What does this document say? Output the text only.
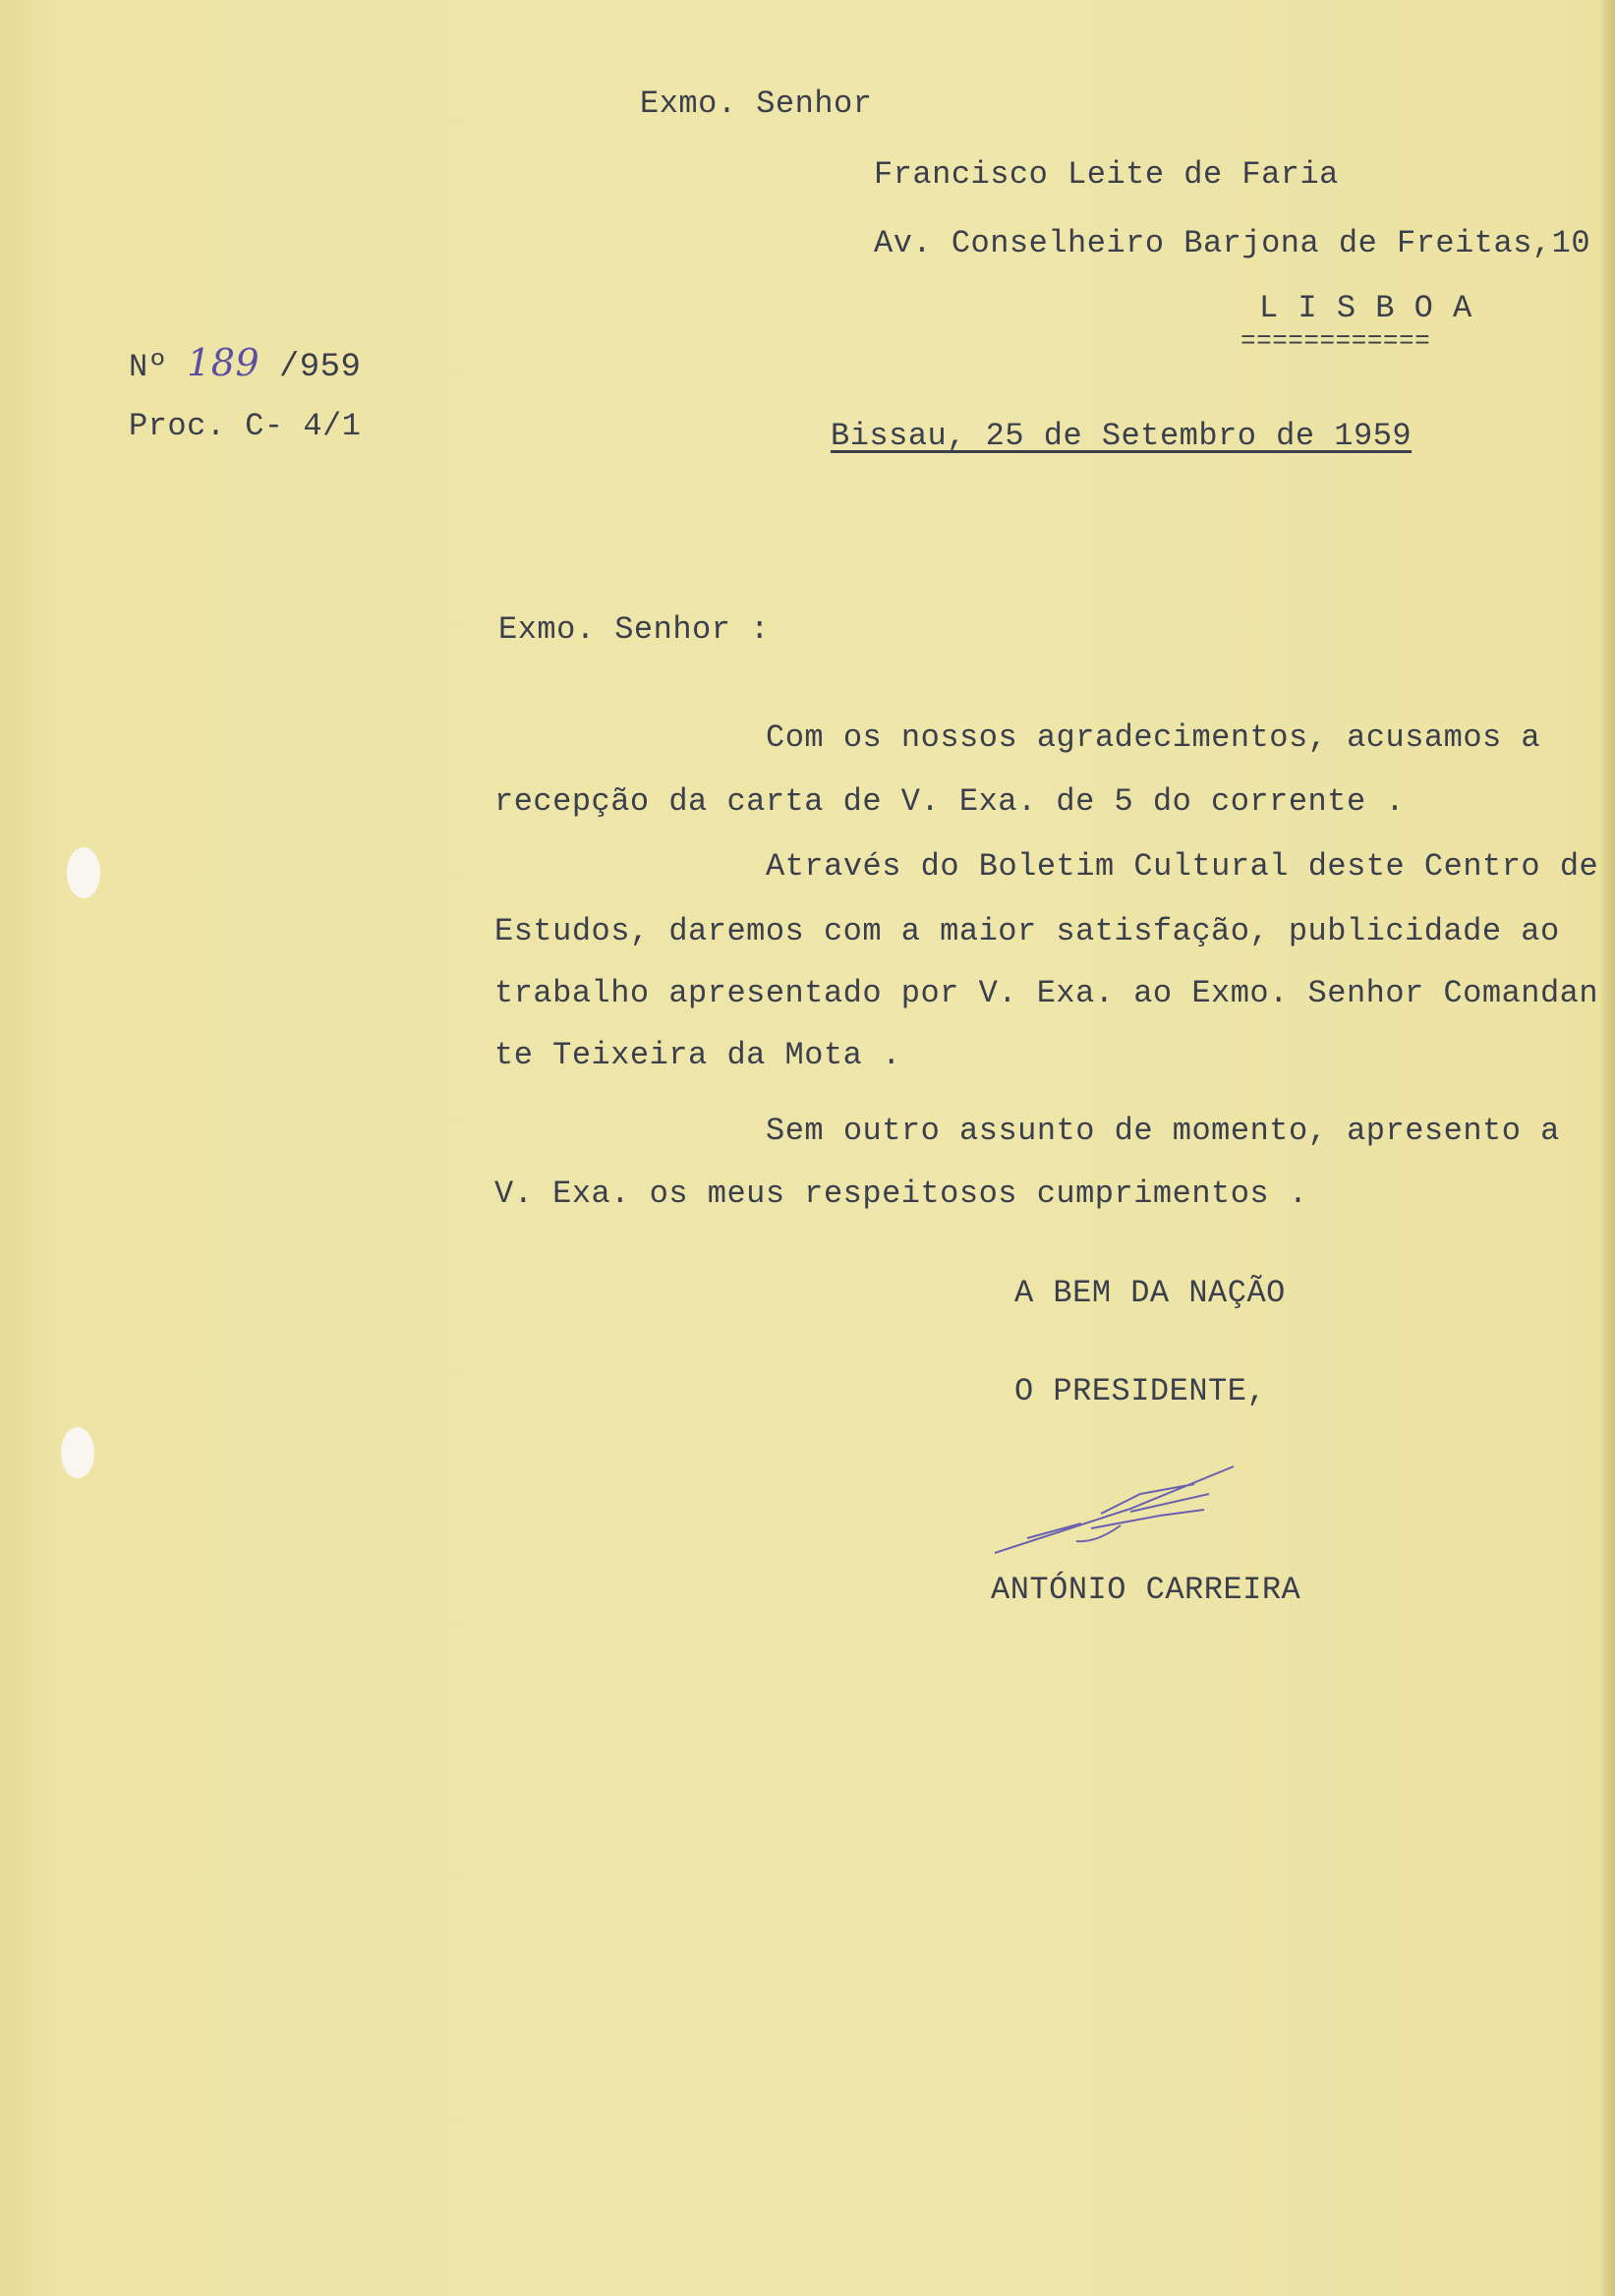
Exmo. Senhor
Francisco Leite de Faria
Av. Conselheiro Barjona de Freitas,10
L I S B O A
============
Nº 189 /959
Proc. C- 4/1	Bissau, 25 de Setembro de 1959
Exmo. Senhor :
Com os nossos agradecimentos, acusamos a
recepção da carta de V. Exa. de 5 do corrente .
Através do Boletim Cultural deste Centro de
Estudos, daremos com a maior satisfação, publicidade ao
trabalho apresentado por V. Exa. ao Exmo. Senhor Comandan
te Teixeira da Mota .
Sem outro assunto de momento, apresento a
V. Exa. os meus respeitosos cumprimentos .
A BEM DA NAÇÃO
O PRESIDENTE,
ANTÓNIO CARREIRA
